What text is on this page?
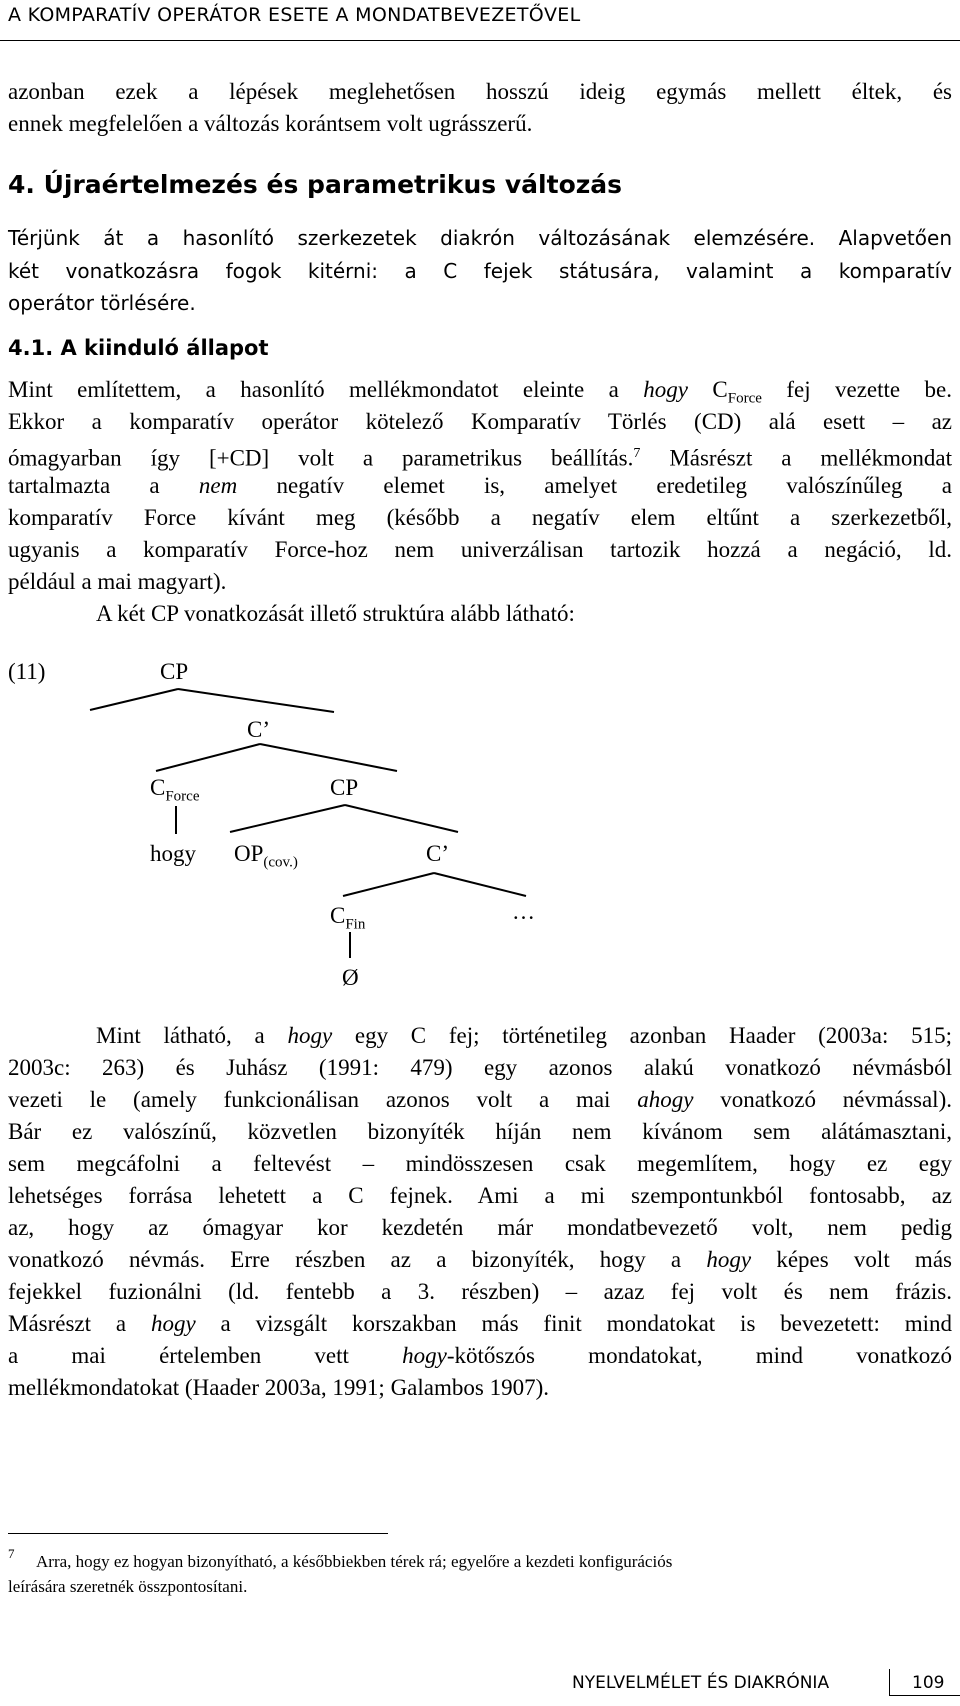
A KOMPARATÍV OPERÁTOR ESETE A MONDATBEVEZETŐVEL
azonban ezek a lépések meglehetősen hosszú ideig egymás mellett éltek, és
ennek megfelelően a változás korántsem volt ugrásszerű.
4. Újraértelmezés és parametrikus változás
Térjünk át a hasonlító szerkezetek diakrón változásának elemzésére. Alapvetően
két vonatkozásra fogok kitérni: a C fejek státusára, valamint a komparatív
operátor törlésére.
4.1. A kiinduló állapot
Mint említettem, a hasonlító mellékmondatot eleinte a hogy $C_{Force}$ fej vezette be.
Ekkor a komparatív operátor kötelező Komparatív Törlés (CD) alá esett – az
ómagyarban így [+CD] volt a parametrikus beállítás.$^7$ Másrészt a mellékmondat
tartalmazta a nem negatív elemet is, amelyet eredetileg valószínűleg a
komparatív Force kívánt meg (később a negatív elem eltűnt a szerkezetből,
ugyanis a komparatív Force-hoz nem univerzálisan tartozik hozzá a negáció, ld.
például a mai magyart).
A két CP vonatkozását illető struktúra alább látható:
(11)	CP
C’
$C_{Force}$	CP
hogy $OP_{(cov.)}$	C’
$C_{Fin}$
…
Ø
Mint látható, a hogy egy C fej; történetileg azonban Haader (2003a: 515;
2003c: 263) és Juhász (1991: 479) egy azonos alakú vonatkozó névmásból
vezeti le (amely funkcionálisan azonos volt a mai ahogy vonatkozó névmással).
Bár ez valószínű, közvetlen bizonyíték híján nem kívánom sem alátámasztani,
sem megcáfolni a feltevést – mindösszesen csak megemlítem, hogy ez egy
lehetséges forrása lehetett a C fejnek. Ami a mi szempontunkból fontosabb, az
az, hogy az ómagyar kor kezdetén már mondatbevezető volt, nem pedig
vonatkozó névmás. Erre részben az a bizonyíték, hogy a hogy képes volt más
fejekkel fuzionálni (ld. fentebb a 3. részben) – azaz fej volt és nem frázis.
Másrészt a hogy a vizsgált korszakban más finit mondatokat is bevezetett: mind
a mai értelemben vett hogy-kötőszós mondatokat, mind vonatkozó
mellékmondatokat (Haader 2003a, 1991; Galambos 1907).
7 Arra, hogy ez hogyan bizonyítható, a későbbiekben térek rá; egyelőre a kezdeti konfigurációs
leírására szeretnék összpontosítani.
NYELVELMÉLET ÉS DIAKRÓNIA	109
